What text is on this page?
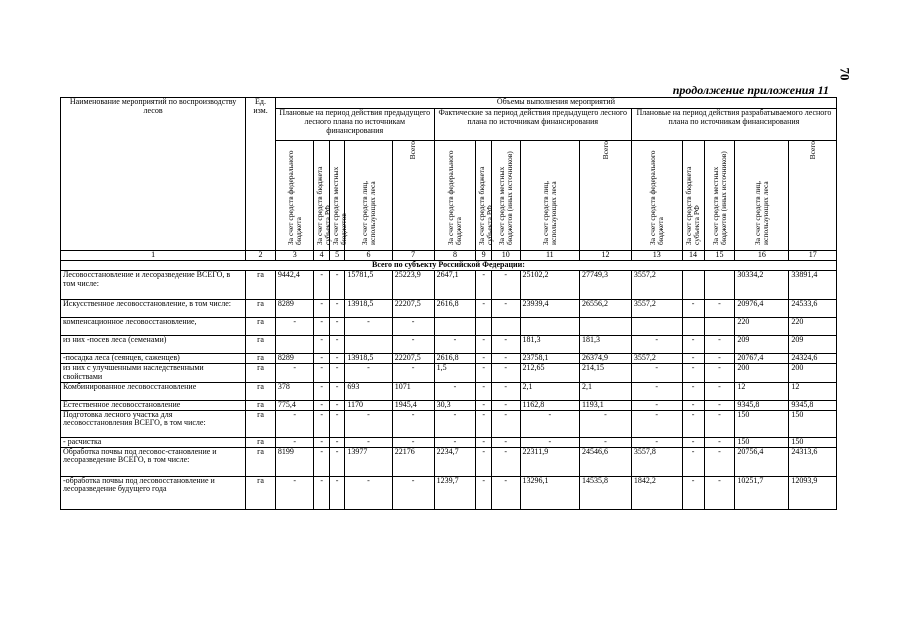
70
продолжение приложения 11
Наименование мероприятий по воспроизводству лесов	Ед. изм.	Объемы выполнения мероприятий														
		Плановые на период действия предыдущего лесного плана по источникам финансирования					Фактические за период действия предыдущего лесного плана по источникам финансирования					Плановые на период действия разрабатываемого лесного плана по источникам финансирования				
		За счет средств федерального бюджета	За счет средств бюджета субъекта РФ	За счет средств местных бюджетов	За счет средств лиц, использующих леса	Всего	За счет средств федерального бюджета	За счет средств бюджета субъекта РФ	За счет средств местных бюджетов (иных источников)	За счет средств лиц, использующих леса	Всего	За счет средств федерального бюджета	За счет средств бюджета субъекта РФ	За счет средств местных бюджетов (иных источников)	За счет средств лиц, использующих леса	Всего
1	2	3	4	5	6	7	8	9	10	11	12	13	14	15	16	17
Всего по субъекту Российской Федерации:																
Лесовосстановление и лесоразведение ВСЕГО, в том числе:	га	9442,4	-	-	15781,5	25223,9	2647,1	-	-	25102,2	27749,3	3557,2			30334,2	33891,4
Искусственное лесовосстановление, в том числе:	га	8289	-	-	13918,5	22207,5	2616,8	-	-	23939,4	26556,2	3557,2	-	-	20976,4	24533,6
компенсационное лесовосстановление,	га	-	-	-	-	-									220	220
из них -посев леса (семенами)	га		-	-		-	-	-	-	181,3	181,3	-	-	-	209	209
-посадка леса (сеянцев, саженцев)	га	8289	-	-	13918,5	22207,5	2616,8	-	-	23758,1	26374,9	3557,2	-	-	20767,4	24324,6
из них с улучшенными наследственными свойствами	га	-	-	-	-	-	1,5	-	-	212,65	214,15	-	-	-	200	200
Комбинированное лесовосстановление	га	378	-	-	693	1071	-	-	-	2,1	2,1	-	-	-	12	12
Естественное лесовосстановление	га	775,4	-	-	1170	1945,4	30,3	-	-	1162,8	1193,1	-	-	-	9345,8	9345,8
Подготовка лесного участка для лесовосстановления ВСЕГО, в том числе:	га	-	-	-	-	-	-	-	-	-	-	-	-	-	150	150
- расчистка	га	-	-	-	-	-	-	-	-	-	-	-	-	-	150	150
Обработка почвы под лесовос-становление и лесоразведение ВСЕГО, в том числе:	га	8199	-	-	13977	22176	2234,7	-	-	22311,9	24546,6	3557,8	-	-	20756,4	24313,6
-обработка почвы под лесовосстановление и лесоразведение будущего года	га	-	-	-	-	-	1239,7	-	-	13296,1	14535,8	1842,2	-	-	10251,7	12093,9
